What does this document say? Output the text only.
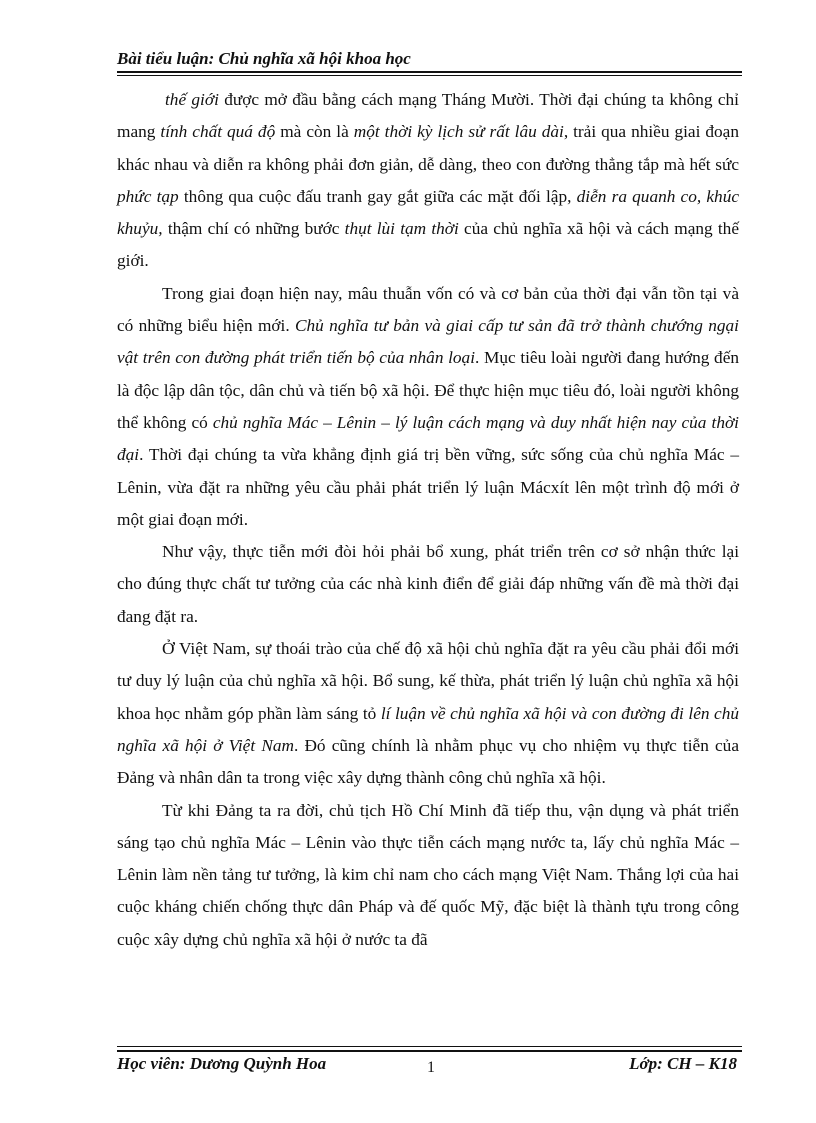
Bài tiểu luận: Chủ nghĩa xã hội khoa học

thế giới được mở đầu bằng cách mạng Tháng Mười. Thời đại chúng ta không chỉ mang tính chất quá độ mà còn là một thời kỳ lịch sử rất lâu dài, trải qua nhiều giai đoạn khác nhau và diễn ra không phải đơn giản, dễ dàng, theo con đường thẳng tắp mà hết sức phức tạp thông qua cuộc đấu tranh gay gắt giữa các mặt đối lập, diễn ra quanh co, khúc khuỷu, thậm chí có những bước thụt lùi tạm thời của chủ nghĩa xã hội và cách mạng thế giới.

Trong giai đoạn hiện nay, mâu thuẫn vốn có và cơ bản của thời đại vẫn tồn tại và có những biểu hiện mới. Chủ nghĩa tư bản và giai cấp tư sản đã trở thành chướng ngại vật trên con đường phát triển tiến bộ của nhân loại. Mục tiêu loài người đang hướng đến là độc lập dân tộc, dân chủ và tiến bộ xã hội. Để thực hiện mục tiêu đó, loài người không thể không có chủ nghĩa Mác – Lênin – lý luận cách mạng và duy nhất hiện nay của thời đại. Thời đại chúng ta vừa khẳng định giá trị bền vững, sức sống của chủ nghĩa Mác – Lênin, vừa đặt ra những yêu cầu phải phát triển lý luận Mácxít lên một trình độ mới ở một giai đoạn mới.

Như vậy, thực tiễn mới đòi hỏi phải bổ xung, phát triển trên cơ sở nhận thức lại cho đúng thực chất tư tưởng của các nhà kinh điển để giải đáp những vấn đề mà thời đại đang đặt ra.

Ở Việt Nam, sự thoái trào của chế độ xã hội chủ nghĩa đặt ra yêu cầu phải đổi mới tư duy lý luận của chủ nghĩa xã hội. Bổ sung, kế thừa, phát triển lý luận chủ nghĩa xã hội khoa học nhằm góp phần làm sáng tỏ lí luận về chủ nghĩa xã hội và con đường đi lên chủ nghĩa xã hội ở Việt Nam. Đó cũng chính là nhằm phục vụ cho nhiệm vụ thực tiễn của Đảng và nhân dân ta trong việc xây dựng thành công chủ nghĩa xã hội.

Từ khi Đảng ta ra đời, chủ tịch Hồ Chí Minh đã tiếp thu, vận dụng và phát triển sáng tạo chủ nghĩa Mác – Lênin vào thực tiễn cách mạng nước ta, lấy chủ nghĩa Mác – Lênin làm nền tảng tư tưởng, là kim chỉ nam cho cách mạng Việt Nam. Thắng lợi của hai cuộc kháng chiến chống thực dân Pháp và đế quốc Mỹ, đặc biệt là thành tựu trong công cuộc xây dựng chủ nghĩa xã hội ở nước ta đã

Học viên: Dương Quỳnh Hoa	1	Lớp: CH – K18
